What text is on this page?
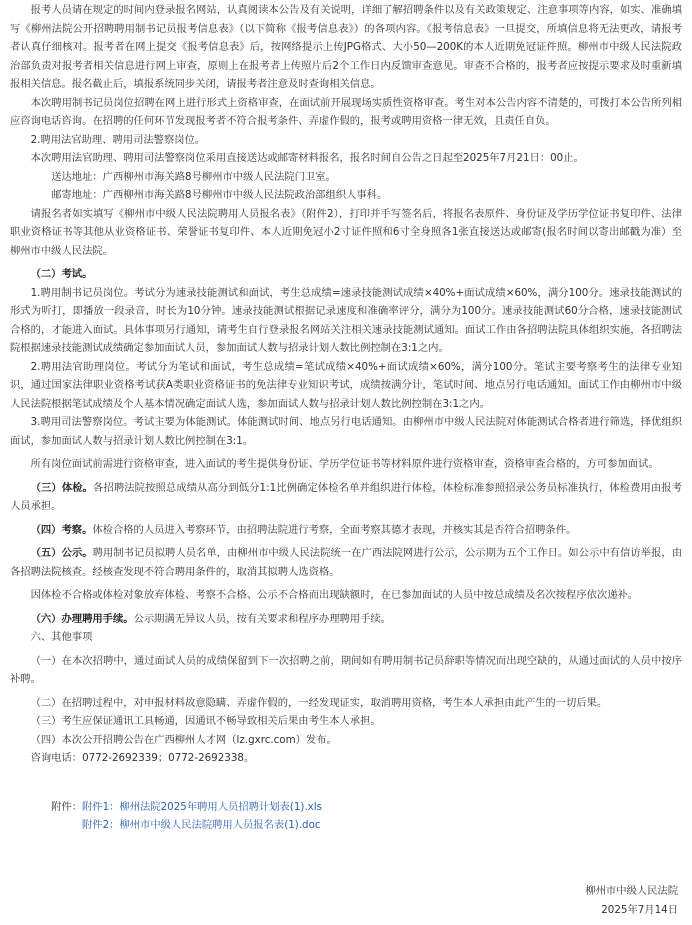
报考人员请在规定的时间内登录报名网站，认真阅读本公告及有关说明，详细了解招聘条件以及有关政策规定、注意事项等内容，如实、准确填写《柳州法院公开招聘聘用制书记员报考信息表》（以下简称《报考信息表》）的各项内容。《报考信息表》一旦提交，所填信息将无法更改，请报考者认真仔细核对。报考者在网上提交《报考信息表》后，按网络提示上传JPG格式、大小50—200K的本人近期免冠证件照。柳州市中级人民法院政治部负责对报考者相关信息进行网上审查，原则上在报考者上传照片后2个工作日内反馈审查意见。审查不合格的，报考者应按提示要求及时重新填报相关信息。报名截止后，填报系统同步关闭，请报考者注意及时查询相关信息。

本次聘用制书记员岗位招聘在网上进行形式上资格审查，在面试前开展现场实质性资格审查。考生对本公告内容不清楚的，可拨打本公告所列相应咨询电话咨询。在招聘的任何环节发现报考者不符合报考条件、弄虚作假的，报考或聘用资格一律无效，且责任自负。

2.聘用法官助理、聘用司法警察岗位。

本次聘用法官助理、聘用司法警察岗位采用直接送达或邮寄材料报名，报名时间自公告之日起至2025年7月21日：00止。

送达地址：广西柳州市海关路8号柳州市中级人民法院门卫室。

邮寄地址：广西柳州市海关路8号柳州市中级人民法院政治部组织人事科。

请报名者如实填写《柳州市中级人民法院聘用人员报名表》（附件2），打印并手写签名后，将报名表原件、身份证及学历学位证书复印件、法律职业资格证书等其他从业资格证书、荣誉证书复印件、本人近期免冠小2寸证件照和6寸全身照各1张直接送达或邮寄(报名时间以寄出邮戳为准）至柳州市中级人民法院。

（二）考试。

1.聘用制书记员岗位。考试分为速录技能测试和面试，考生总成绩=速录技能测试成绩×40%+面试成绩×60%，满分100分。速录技能测试的形式为听打，即播放一段录音，时长为10分钟。速录技能测试根据记录速度和准确率评分，满分为100分。速录技能测试60分合格，速录技能测试合格的，才能进入面试。具体事项另行通知，请考生自行登录报名网站关注相关速录技能测试通知。面试工作由各招聘法院具体组织实施，各招聘法院根据速录技能测试成绩确定参加面试人员，参加面试人数与招录计划人数比例控制在3:1之内。

2.聘用法官助理岗位。考试分为笔试和面试，考生总成绩=笔试成绩×40%+面试成绩×60%，满分100分。笔试主要考察考生的法律专业知识，通过国家法律职业资格考试获A类职业资格证书的免法律专业知识考试，成绩按满分计，笔试时间、地点另行电话通知。面试工作由柳州市中级人民法院根据笔试成绩及个人基本情况确定面试人选，参加面试人数与招录计划人数比例控制在3:1之内。

3.聘用司法警察岗位。考试主要为体能测试。体能测试时间、地点另行电话通知。由柳州市中级人民法院对体能测试合格者进行筛选，择优组织面试，参加面试人数与招录计划人数比例控制在3:1。

所有岗位面试前需进行资格审查，进入面试的考生提供身份证、学历学位证书等材料原件进行资格审查，资格审查合格的，方可参加面试。

（三）体检。各招聘法院按照总成绩从高分到低分1:1比例确定体检名单并组织进行体检，体检标准参照招录公务员标准执行，体检费用由报考人员承担。

（四）考察。体检合格的人员进入考察环节，由招聘法院进行考察，全面考察其德才表现，并核实其是否符合招聘条件。

（五）公示。聘用制书记员拟聘人员名单，由柳州市中级人民法院统一在广西法院网进行公示，公示期为五个工作日。如公示中有信访举报，由各招聘法院核查。经核查发现不符合聘用条件的，取消其拟聘人选资格。

因体检不合格或体检对象放弃体检、考察不合格、公示不合格而出现缺额时，在已参加面试的人员中按总成绩及名次按程序依次递补。

（六）办理聘用手续。公示期满无异议人员，按有关要求和程序办理聘用手续。

六、其他事项

（一）在本次招聘中，通过面试人员的成绩保留到下一次招聘之前，期间如有聘用制书记员辞职等情况而出现空缺的，从通过面试的人员中按序补聘。

（二）在招聘过程中，对申报材料故意隐瞒、弄虚作假的，一经发现证实，取消聘用资格，考生本人承担由此产生的一切后果。

（三）考生应保证通讯工具畅通，因通讯不畅导致相关后果由考生本人承担。

（四）本次公开招聘公告在广西柳州人才网（lz.gxrc.com）发布。

咨询电话：0772-2692339；0772-2692338。

附件：附件1：柳州法院2025年聘用人员招聘计划表(1).xls
附件2：柳州市中级人民法院聘用人员报名表(1).doc
柳州市中级人民法院
2025年7月14日
